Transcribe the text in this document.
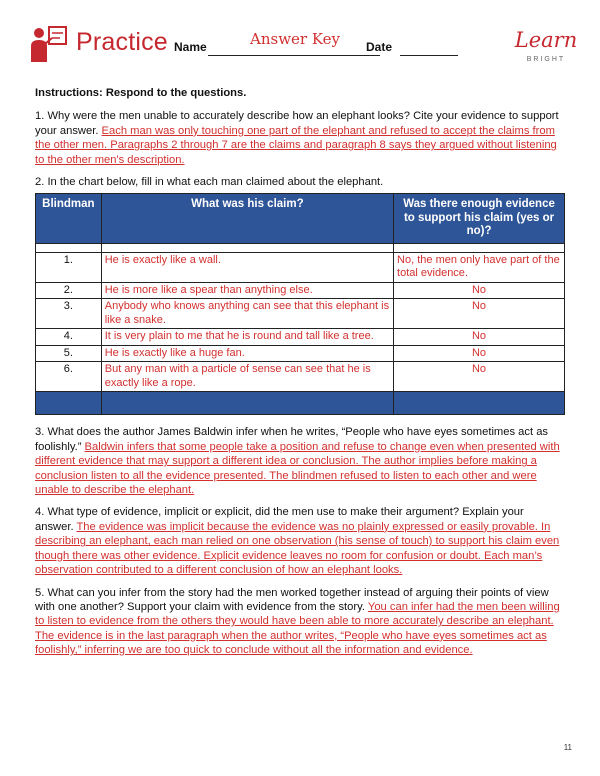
Practice Name	Answer Key	Date	Learn
BRIGHT

Instructions: Respond to the questions.

1. Why were the men unable to accurately describe how an elephant looks? Cite your evidence to support your answer. Each man was only touching one part of the elephant and refused to accept the claims from the other men. Paragraphs 2 through 7 are the claims and paragraph 8 says they argued without listening to the other men's description.

2. In the chart below, fill in what each man claimed about the elephant.

Blindman	What was his claim?	Was there enough evidence to support his claim (yes or no)?

1.	He is exactly like a wall.	No, the men only have part of the total evidence.
2.	He is more like a spear than anything else.	No
3.	Anybody who knows anything can see that this elephant is like a snake.	No
4.	It is very plain to me that he is round and tall like a tree.	No
5.	He is exactly like a huge fan.	No
6.	But any man with a particle of sense can see that he is exactly like a rope.	No

3. What does the author James Baldwin infer when he writes, “People who have eyes sometimes act as foolishly.” Baldwin infers that some people take a position and refuse to change even when presented with different evidence that may support a different idea or conclusion. The author implies before making a conclusion listen to all the evidence presented. The blindmen refused to listen to each other and were unable to describe the elephant.

4. What type of evidence, implicit or explicit, did the men use to make their argument? Explain your answer. The evidence was implicit because the evidence was no plainly expressed or easily provable. In describing an elephant, each man relied on one observation (his sense of touch) to support his claim even though there was other evidence. Explicit evidence leaves no room for confusion or doubt. Each man’s observation contributed to a different conclusion of how an elephant looks.

5. What can you infer from the story had the men worked together instead of arguing their points of view with one another? Support your claim with evidence from the story. You can infer had the men been willing to listen to evidence from the others they would have been able to more accurately describe an elephant. The evidence is in the last paragraph when the author writes, “People who have eyes sometimes act as foolishly,” inferring we are too quick to conclude without all the information and evidence.

11
